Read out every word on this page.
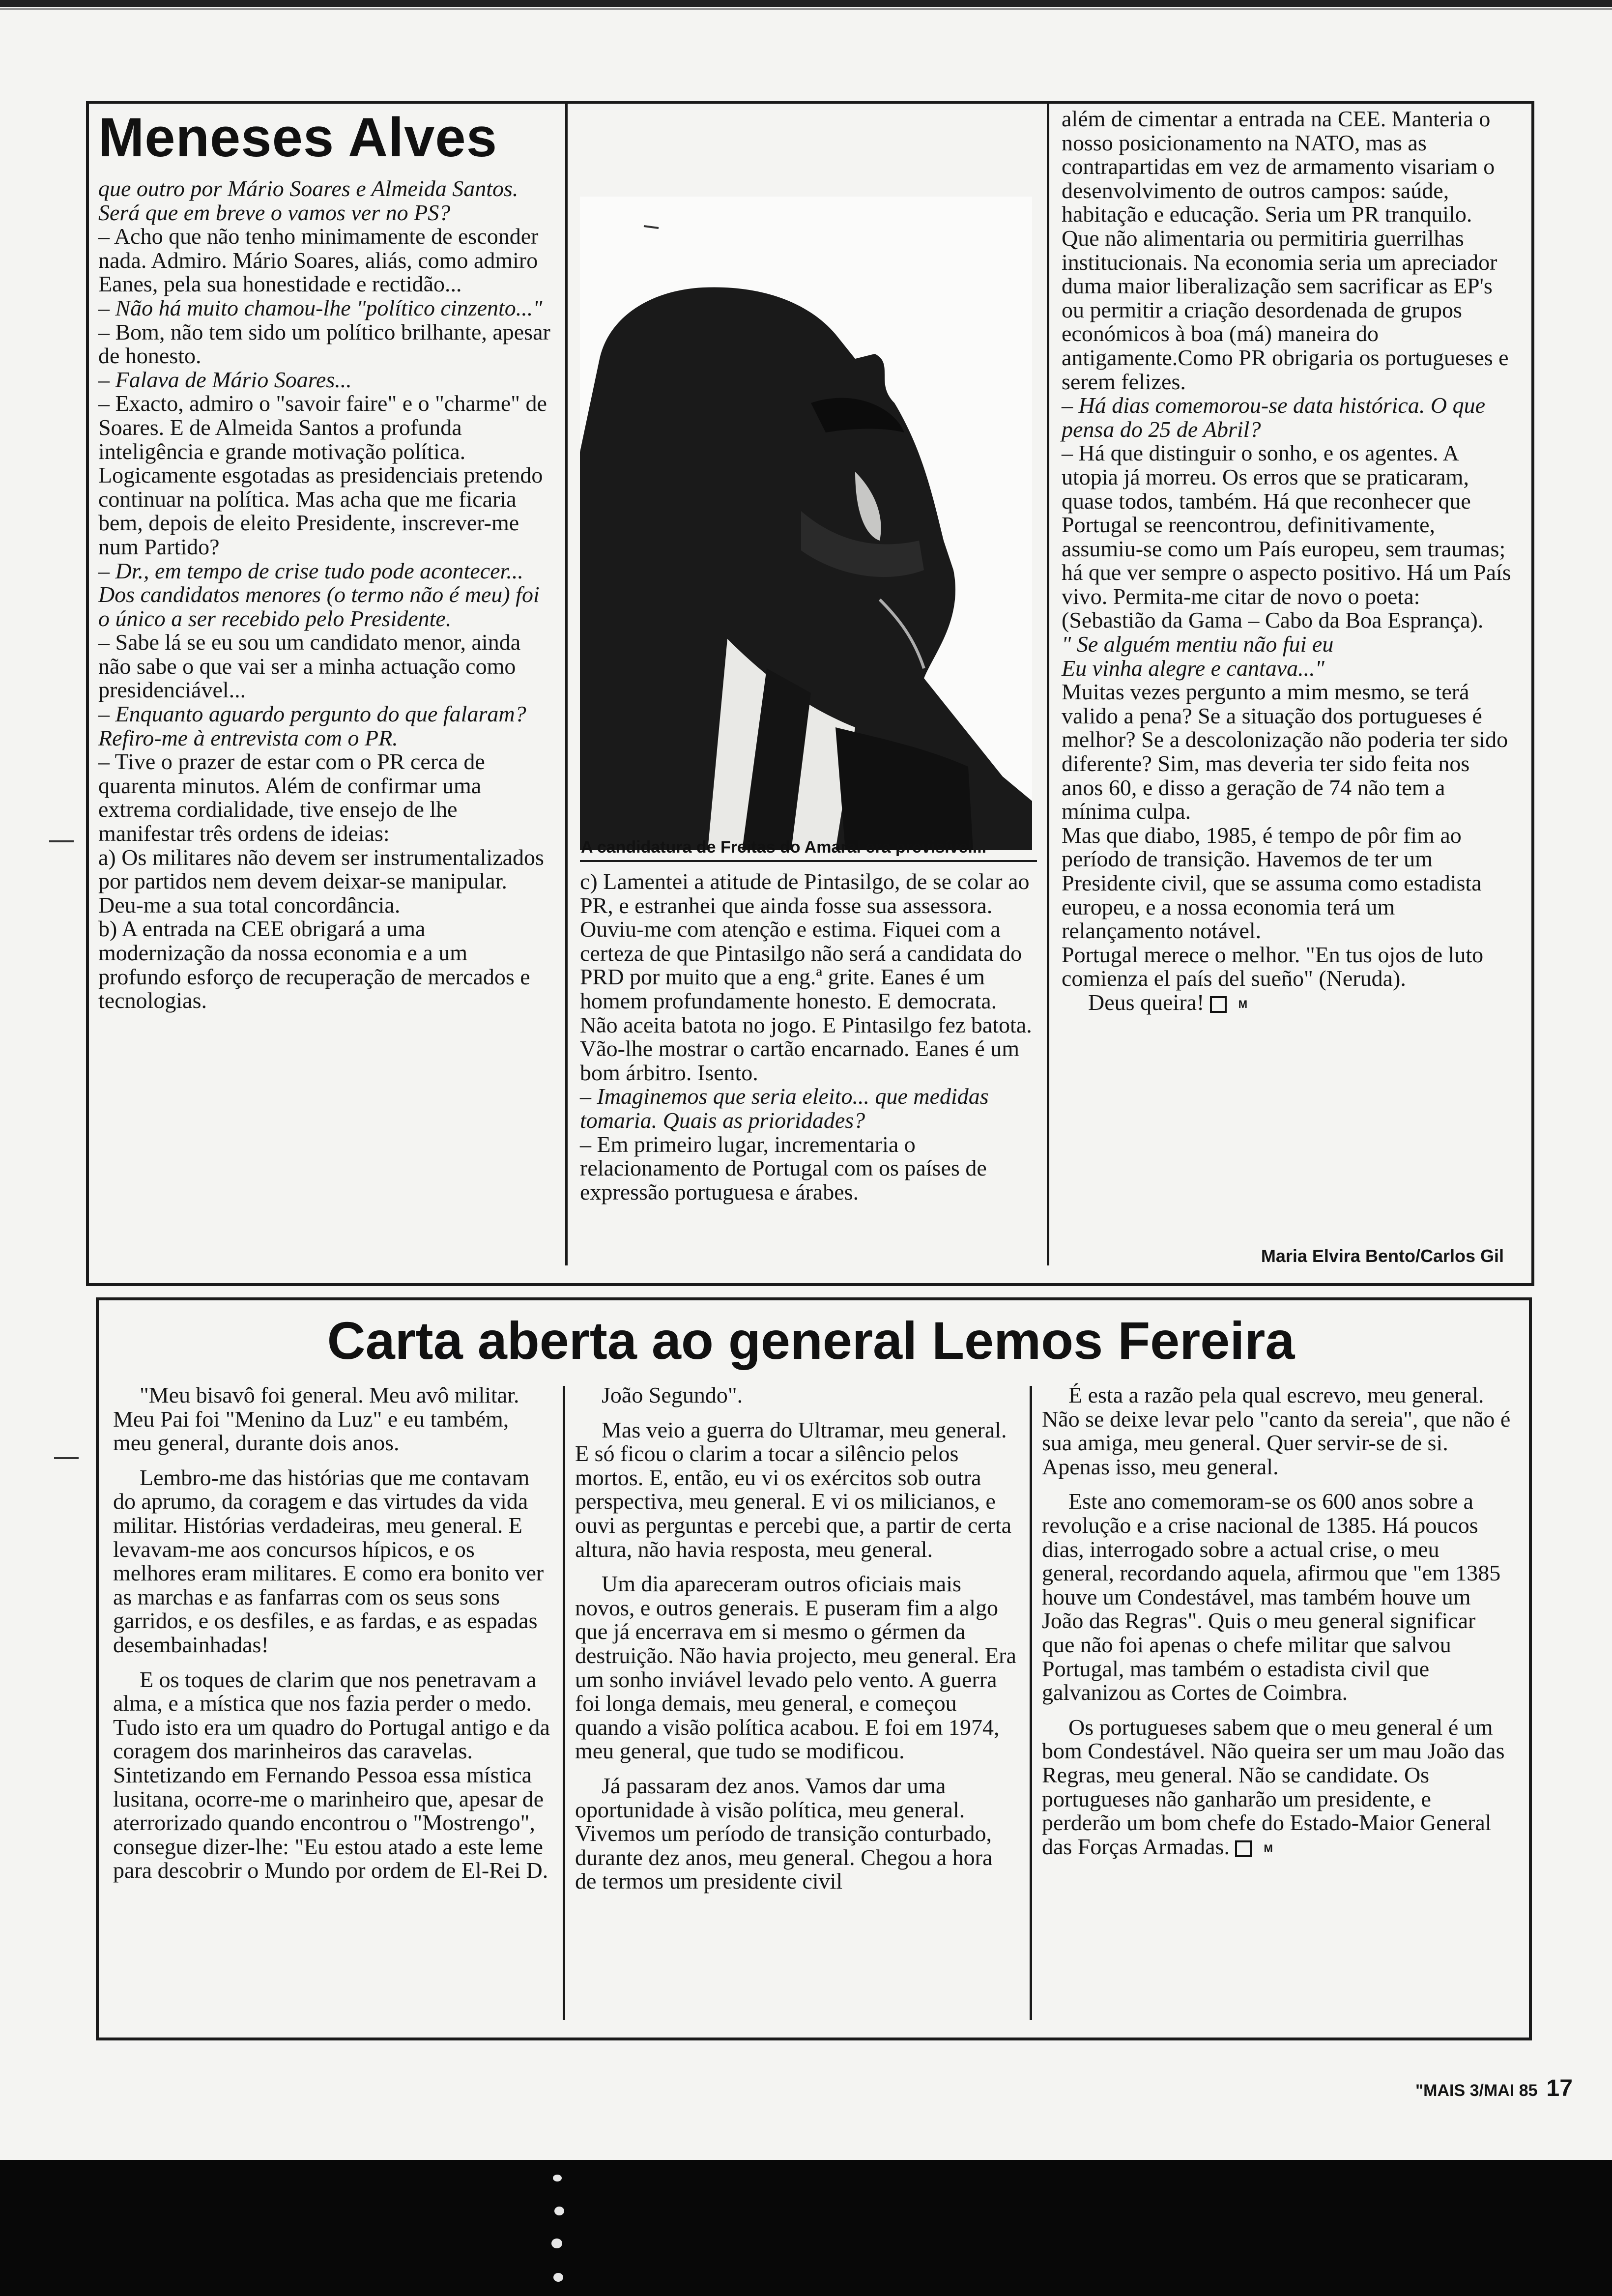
Meneses Alves

que outro por Mário Soares e Almeida Santos. Será que em breve o vamos ver no PS?

– Acho que não tenho minimamente de esconder nada. Admiro. Mário Soares, aliás, como admiro Eanes, pela sua honestidade e rectidão...

– Não há muito chamou-lhe "político cinzento..."

– Bom, não tem sido um político brilhante, apesar de honesto.

– Falava de Mário Soares...

– Exacto, admiro o "savoir faire" e o "charme" de Soares. E de Almeida Santos a profunda inteligência e grande motivação política.

Logicamente esgotadas as presidenciais pretendo continuar na política. Mas acha que me ficaria bem, depois de eleito Presidente, inscrever-me num Partido?

– Dr., em tempo de crise tudo pode acontecer... Dos candidatos menores (o termo não é meu) foi o único a ser recebido pelo Presidente.

– Sabe lá se eu sou um candidato menor, ainda não sabe o que vai ser a minha actuação como presidenciável...

– Enquanto aguardo pergunto do que falaram? Refiro-me à entrevista com o PR.

– Tive o prazer de estar com o PR cerca de quarenta minutos. Além de confirmar uma extrema cordialidade, tive ensejo de lhe manifestar três ordens de ideias:

a) Os militares não devem ser instrumentalizados por partidos nem devem deixar-se manipular. Deu-me a sua total concordância.

b) A entrada na CEE obrigará a uma modernização da nossa economia e a um profundo esforço de recuperação de mercados e tecnologias.

A candidatura de Freitas do Amaral era previsível...

c) Lamentei a atitude de Pintasilgo, de se colar ao PR, e estranhei que ainda fosse sua assessora. Ouviu-me com atenção e estima. Fiquei com a certeza de que Pintasilgo não será a candidata do PRD por muito que a eng.ª grite. Eanes é um homem profundamente honesto. E democrata. Não aceita batota no jogo. E Pintasilgo fez batota. Vão-lhe mostrar o cartão encarnado. Eanes é um bom árbitro. Isento.

– Imaginemos que seria eleito... que medidas tomaria. Quais as prioridades?

– Em primeiro lugar, incrementaria o relacionamento de Portugal com os países de expressão portuguesa e árabes.

além de cimentar a entrada na CEE. Manteria o nosso posicionamento na NATO, mas as contrapartidas em vez de armamento visariam o desenvolvimento de outros campos: saúde, habitação e educação. Seria um PR tranquilo. Que não alimentaria ou permitiria guerrilhas institucionais. Na economia seria um apreciador duma maior liberalização sem sacrificar as EP's ou permitir a criação desordenada de grupos económicos à boa (má) maneira do antigamente.Como PR obrigaria os portugueses e serem felizes.

– Há dias comemorou-se data histórica. O que pensa do 25 de Abril?

– Há que distinguir o sonho, e os agentes. A utopia já morreu. Os erros que se praticaram, quase todos, também. Há que reconhecer que Portugal se reencontrou, definitivamente, assumiu-se como um País europeu, sem traumas; há que ver sempre o aspecto positivo. Há um País vivo. Permita-me citar de novo o poeta: (Sebastião da Gama – Cabo da Boa Esprança).

" Se alguém mentiu não fui eu

Eu vinha alegre e cantava..."

Muitas vezes pergunto a mim mesmo, se terá valido a pena? Se a situação dos portugueses é melhor? Se a descolonização não poderia ter sido diferente? Sim, mas deveria ter sido feita nos anos 60, e disso a geração de 74 não tem a mínima culpa.

Mas que diabo, 1985, é tempo de pôr fim ao período de transição. Havemos de ter um Presidente civil, que se assuma como estadista europeu, e a nossa economia terá um relançamento notável.

Portugal merece o melhor. "En tus ojos de luto comienza el país del sueño" (Neruda).

Deus queira!	M

Maria Elvira Bento/Carlos Gil
Carta aberta ao general Lemos Fereira

"Meu bisavô foi general. Meu avô militar. Meu Pai foi "Menino da Luz" e eu também, meu general, durante dois anos.

Lembro-me das histórias que me contavam do aprumo, da coragem e das virtudes da vida militar. Histórias verdadeiras, meu general. E levavam-me aos concursos hípicos, e os melhores eram militares. E como era bonito ver as marchas e as fanfarras com os seus sons garridos, e os desfiles, e as fardas, e as espadas desembainhadas!

E os toques de clarim que nos penetravam a alma, e a mística que nos fazia perder o medo. Tudo isto era um quadro do Portugal antigo e da coragem dos marinheiros das caravelas. Sintetizando em Fernando Pessoa essa mística lusitana, ocorre-me o marinheiro que, apesar de aterrorizado quando encontrou o "Mostrengo", consegue dizer-lhe: "Eu estou atado a este leme para descobrir o Mundo por ordem de El-Rei D.

João Segundo".

Mas veio a guerra do Ultramar, meu general. E só ficou o clarim a tocar a silêncio pelos mortos. E, então, eu vi os exércitos sob outra perspectiva, meu general. E vi os milicianos, e ouvi as perguntas e percebi que, a partir de certa altura, não havia resposta, meu general.

Um dia apareceram outros oficiais mais novos, e outros generais. E puseram fim a algo que já encerrava em si mesmo o gérmen da destruição. Não havia projecto, meu general. Era um sonho inviável levado pelo vento. A guerra foi longa demais, meu general, e começou quando a visão política acabou. E foi em 1974, meu general, que tudo se modificou.

Já passaram dez anos. Vamos dar uma oportunidade à visão política, meu general. Vivemos um período de transição conturbado, durante dez anos, meu general. Chegou a hora de termos um presidente civil

É esta a razão pela qual escrevo, meu general. Não se deixe levar pelo "canto da sereia", que não é sua amiga, meu general. Quer servir-se de si. Apenas isso, meu general.

Este ano comemoram-se os 600 anos sobre a revolução e a crise nacional de 1385. Há poucos dias, interrogado sobre a actual crise, o meu general, recordando aquela, afirmou que "em 1385 houve um Condestável, mas também houve um João das Regras". Quis o meu general significar que não foi apenas o chefe militar que salvou Portugal, mas também o estadista civil que galvanizou as Cortes de Coimbra.

Os portugueses sabem que o meu general é um bom Condestável. Não queira ser um mau João das Regras, meu general. Não se candidate. Os portugueses não ganharão um presidente, e perderão um bom chefe do Estado-Maior General das Forças Armadas.	M

"MAIS 3/MAI 85 17
